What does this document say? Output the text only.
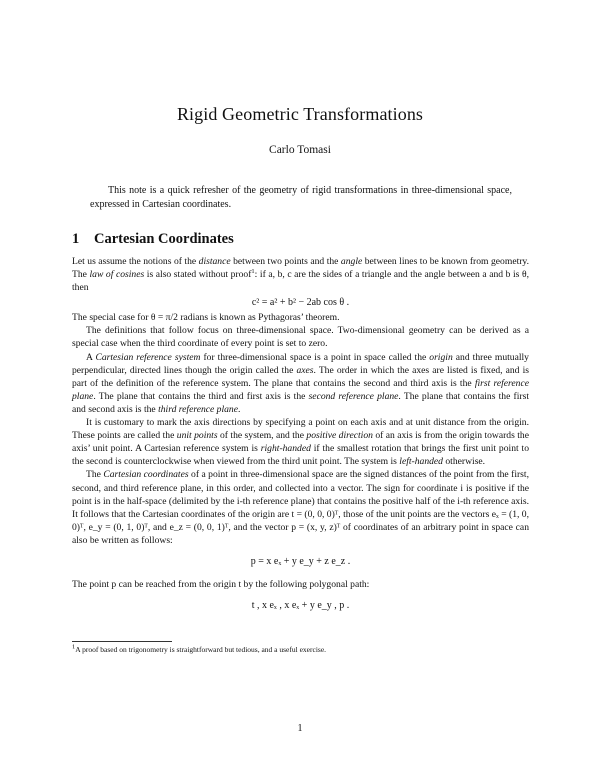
Rigid Geometric Transformations
Carlo Tomasi
This note is a quick refresher of the geometry of rigid transformations in three-dimensional space, expressed in Cartesian coordinates.
1 Cartesian Coordinates

Let us assume the notions of the distance between two points and the angle between lines to be known from geometry. The law of cosines is also stated without proof$^1$: if a, b, c are the sides of a triangle and the angle between a and b is θ, then

c² = a² + b² − 2ab cos θ .

The special case for θ = π/2 radians is known as Pythagoras’ theorem.

The definitions that follow focus on three-dimensional space. Two-dimensional geometry can be derived as a special case when the third coordinate of every point is set to zero.

A Cartesian reference system for three-dimensional space is a point in space called the origin and three mutually perpendicular, directed lines though the origin called the axes. The order in which the axes are listed is fixed, and is part of the definition of the reference system. The plane that contains the second and third axis is the first reference plane. The plane that contains the third and first axis is the second reference plane. The plane that contains the first and second axis is the third reference plane.

It is customary to mark the axis directions by specifying a point on each axis and at unit distance from the origin. These points are called the unit points of the system, and the positive direction of an axis is from the origin towards the axis’ unit point. A Cartesian reference system is right-handed if the smallest rotation that brings the first unit point to the second is counterclockwise when viewed from the third unit point. The system is left-handed otherwise.

The Cartesian coordinates of a point in three-dimensional space are the signed distances of the point from the first, second, and third reference plane, in this order, and collected into a vector. The sign for coordinate i is positive if the point is in the half-space (delimited by the i-th reference plane) that contains the positive half of the i-th reference axis. It follows that the Cartesian coordinates of the origin are t = (0, 0, 0)ᵀ, those of the unit points are the vectors eₓ = (1, 0, 0)ᵀ, e_y = (0, 1, 0)ᵀ, and e_z = (0, 0, 1)ᵀ, and the vector p = (x, y, z)ᵀ of coordinates of an arbitrary point in space can also be written as follows:

p = x eₓ + y e_y + z e_z .

The point p can be reached from the origin t by the following polygonal path:

t , x eₓ , x eₓ + y e_y , p .
$^1$A proof based on trigonometry is straightforward but tedious, and a useful exercise.
1
